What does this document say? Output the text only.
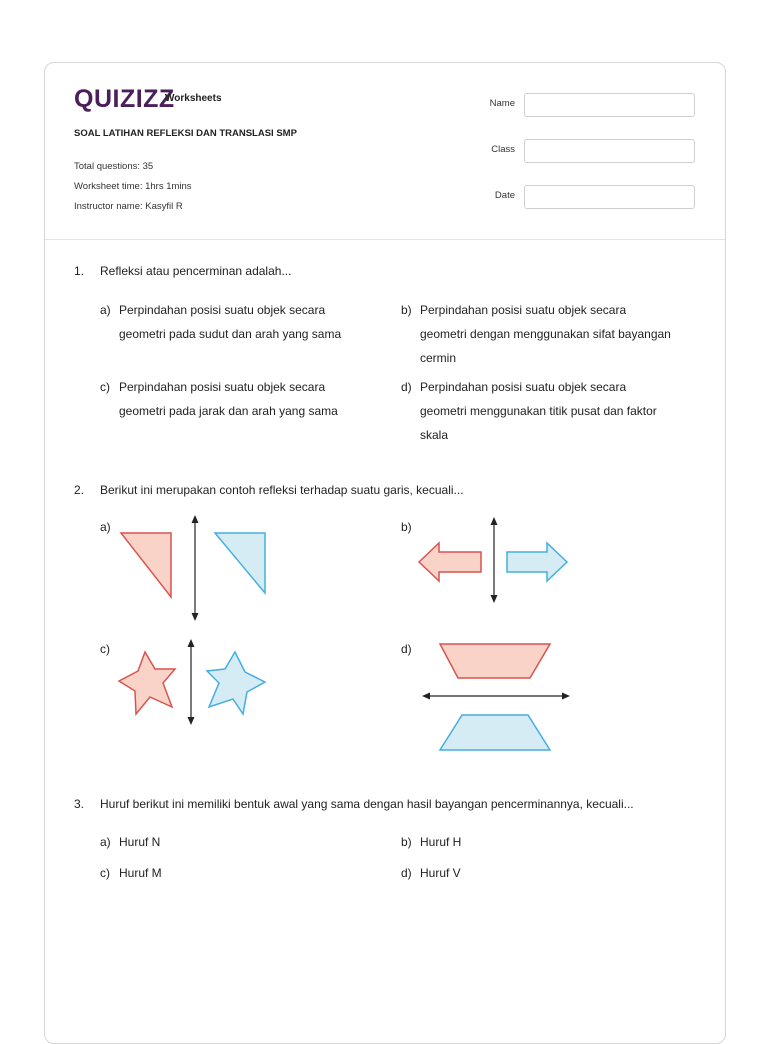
QUIZIZZ
Worksheets
SOAL LATIHAN REFLEKSI DAN TRANSLASI SMP
Total questions: 35
Worksheet time: 1hrs 1mins
Instructor name: Kasyfil R
Name
Class
Date
1. Refleksi atau pencerminan adalah...
a) Perpindahan posisi suatu objek secara
geometri pada sudut dan arah yang sama
b) Perpindahan posisi suatu objek secara
geometri dengan menggunakan sifat bayangan
cermin
c) Perpindahan posisi suatu objek secara
geometri pada jarak dan arah yang sama
d) Perpindahan posisi suatu objek secara
geometri menggunakan titik pusat dan faktor
skala
2. Berikut ini merupakan contoh refleksi terhadap suatu garis, kecuali...
a)	b)
c)	d)
3. Huruf berikut ini memiliki bentuk awal yang sama dengan hasil bayangan pencerminannya, kecuali...
a) Huruf N	b) Huruf H
c) Huruf M	d) Huruf V
